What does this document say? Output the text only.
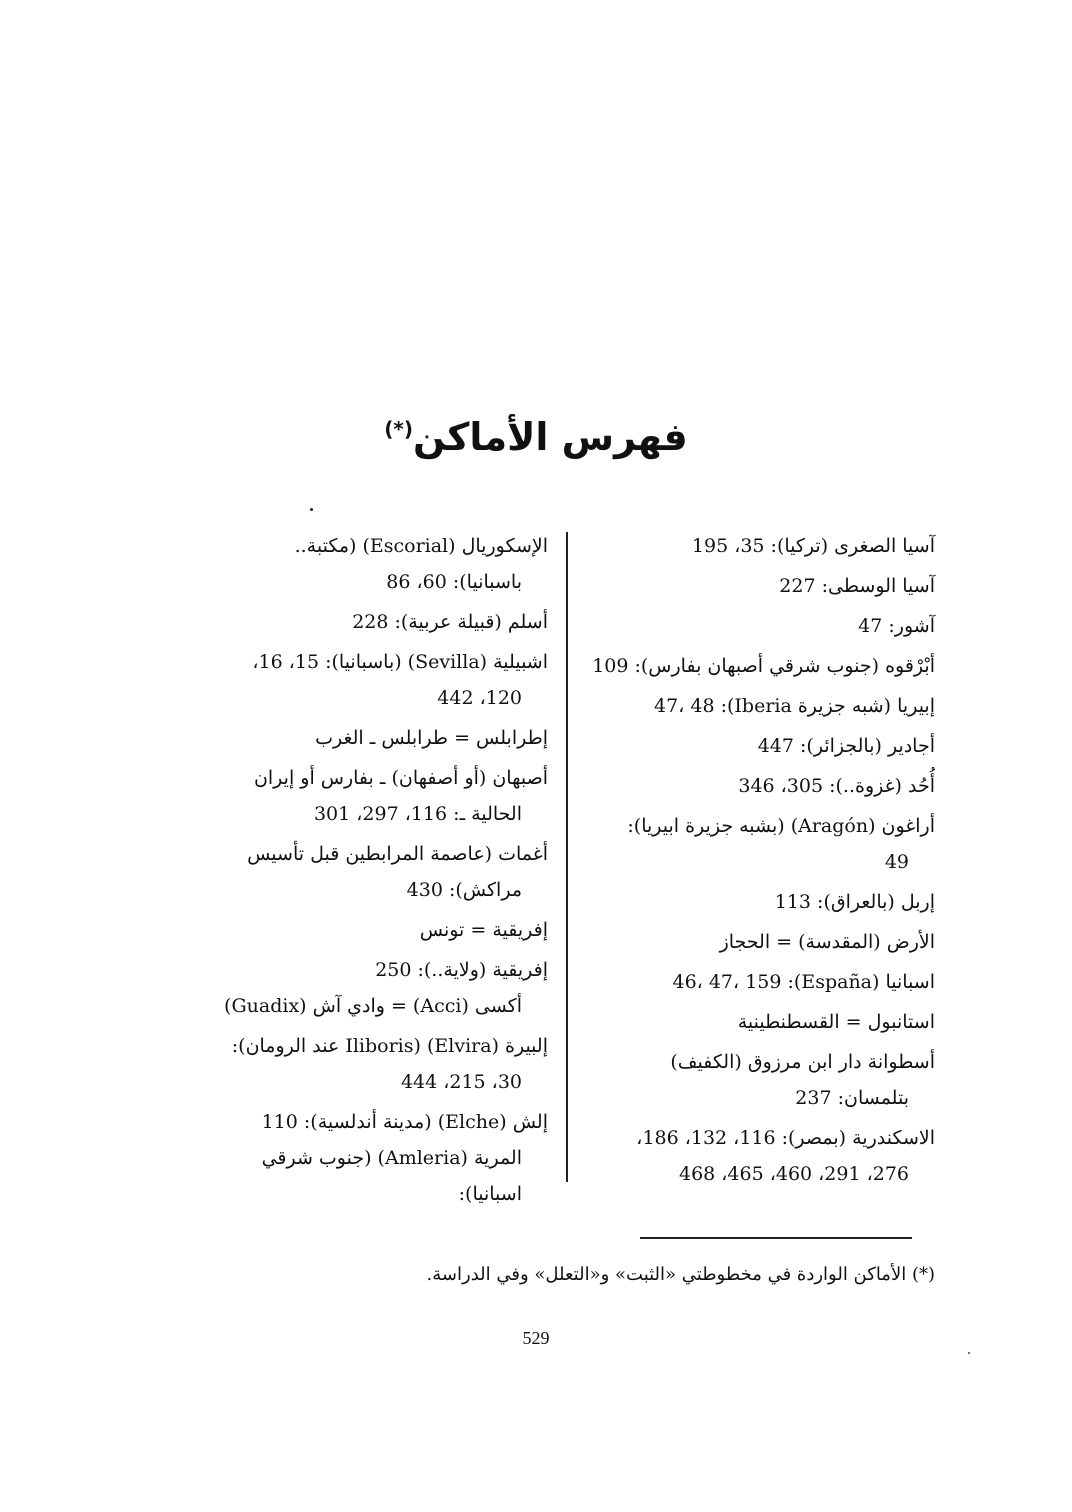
فهرس الأماكن(*)
آسيا الصغرى (تركيا): 35، 195
آسيا الوسطى: 227
آشور: 47
أبْرْقوه (جنوب شرقي أصبهان بفارس): 109
إبيريا (شبه جزيرة Iberia): 47، 48
أجادير (بالجزائر): 447
أُحُد (غزوة..): 305، 346
أراغون (Aragón) (بشبه جزيرة ابيريا):
49
إربل (بالعراق): 113
الأرض (المقدسة) = الحجاز
اسبانيا (España): 46، 47، 159
استانبول = القسطنطينية
أسطوانة دار ابن مرزوق (الكفيف)
بتلمسان: 237
الاسكندرية (بمصر): 116، 132، 186،
276، 291، 460، 465، 468
الإسكوريال (Escorial) (مكتبة..
باسبانيا): 60، 86
أسلم (قبيلة عربية): 228
اشبيلية (Sevilla) (باسبانيا): 15، 16،
120، 442
إطرابلس = طرابلس ـ الغرب
أصبهان (أو أصفهان) ـ بفارس أو إيران
الحالية ـ: 116، 297، 301
أغمات (عاصمة المرابطين قبل تأسيس
مراكش): 430
إفريقية = تونس
إفريقية (ولاية..): 250
أكسى (Acci) = وادي آش (Guadix)
إلبيرة (Elvira) (Iliboris عند الرومان):
30، 215، 444
إلش (Elche) (مدينة أندلسية): 110
المرية (Amleria) (جنوب شرقي اسبانيا):
(*) الأماكن الواردة في مخطوطتي «الثبت» و«التعلل» وفي الدراسة.
529
